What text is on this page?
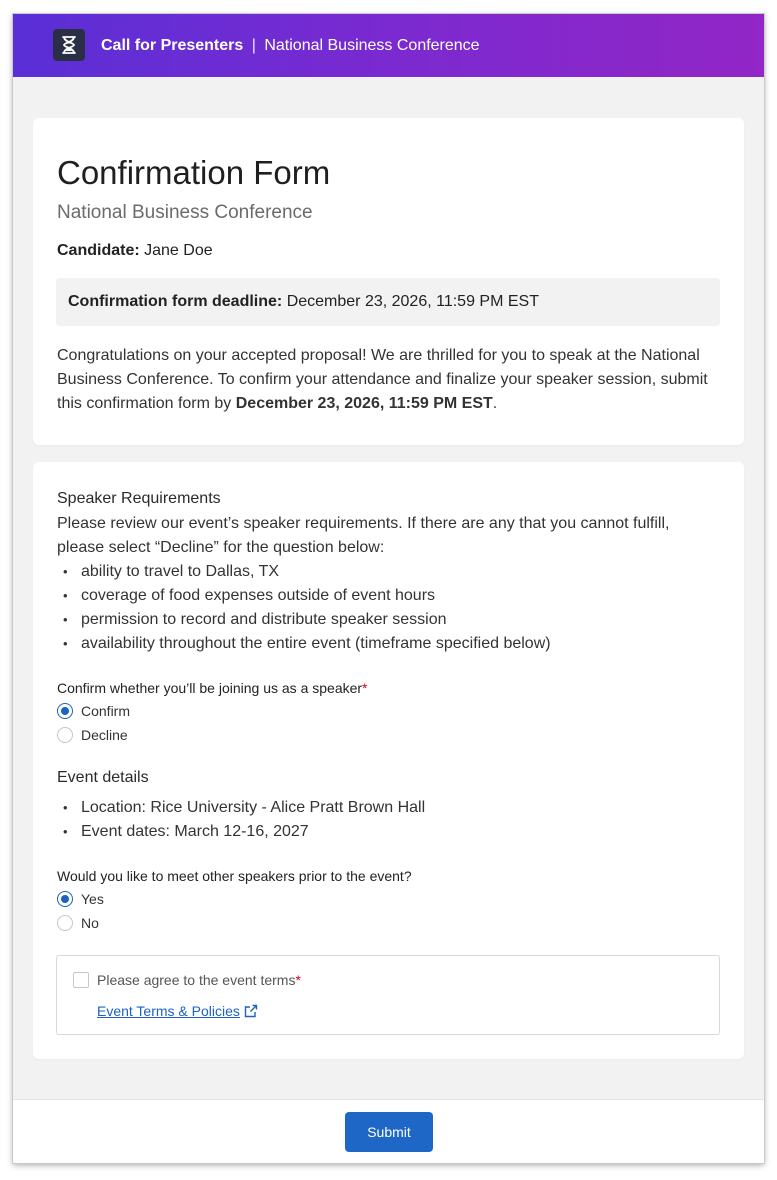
Call for Presenters | National Business Conference
Confirmation Form
National Business Conference
Candidate: Jane Doe
Confirmation form deadline: December 23, 2026, 11:59 PM EST
Congratulations on your accepted proposal! We are thrilled for you to speak at the National Business Conference. To confirm your attendance and finalize your speaker session, submit this confirmation form by December 23, 2026, 11:59 PM EST.
Speaker Requirements
Please review our event’s speaker requirements. If there are any that you cannot fulfill, please select “Decline” for the question below:
• ability to travel to Dallas, TX
• coverage of food expenses outside of event hours
• permission to record and distribute speaker session
• availability throughout the entire event (timeframe specified below)
Confirm whether you’ll be joining us as a speaker*
Confirm
Decline
Event details
• Location: Rice University - Alice Pratt Brown Hall
• Event dates: March 12-16, 2027
Would you like to meet other speakers prior to the event?
Yes
No
Please agree to the event terms*
Event Terms & Policies
Submit
